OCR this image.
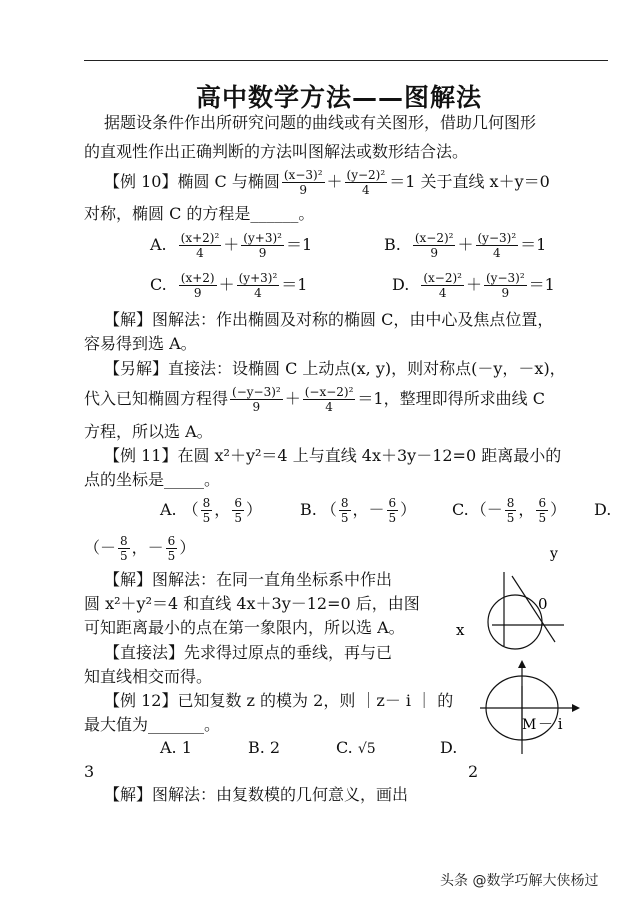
高中数学方法——图解法
据题设条件作出所研究问题的曲线或有关图形，借助几何图形
的直观性作出正确判断的方法叫图解法或数形结合法。
【例 10】椭圆 C 与椭圆 $\frac{\text{(x−3)²}}{9} + \frac{\text{(y−2)²}}{4} =1$ 关于直线 x＋y＝0
对称，椭圆 C 的方程是______。
A. $\frac{\text{(x+2)²}}{4} + \frac{\text{(y+3)²}}{9} =1$	B. $\frac{\text{(x−2)²}}{9} + \frac{\text{(y−3)²}}{4} =1$
C. $\frac{(x+2)}{9} + \frac{\text{(y+3)²}}{4} =1$	D. $\frac{\text{(x−2)²}}{4} + \frac{\text{(y−3)²}}{9} =1$
【解】图解法：作出椭圆及对称的椭圆 C，由中心及焦点位置，
容易得到选 A。
【另解】直接法：设椭圆 C 上动点(x, y)，则对称点(－y，－x)，
代入已知椭圆方程得 $\frac{\text{(−y−3)²}}{9} + \frac{\text{(−x−2)²}}{4} =1$，整理即得所求曲线 C
方程，所以选 A。
【例 11】在圆 x²＋y²＝4 上与直线 4x＋3y－12=0 距离最小的
点的坐标是_____。
A. （ $\frac{8}{5}$ ， $\frac{6}{5}$ ） B. （ $\frac{8}{5}$ ，－ $\frac{6}{5}$ ） C. （－ $\frac{8}{5}$ ， $\frac{6}{5}$ ） D.
（－ $\frac{8}{5}$ ，－ $\frac{6}{5}$ ）
【解】图解法：在同一直角坐标系中作出
圆 x²＋y²＝4 和直线 4x＋3y－12=0 后，由图
可知距离最小的点在第一象限内，所以选 A。
【直接法】先求得过原点的垂线，再与已
知直线相交而得。
y
0
x
【例 12】已知复数 z 的模为 2，则 ｜z－ i ｜ 的
最大值为_______。
A. 1	B. 2	C. √5	D.
3	2
【解】图解法：由复数模的几何意义，画出
M － i
头条 @数学巧解大侠杨过
